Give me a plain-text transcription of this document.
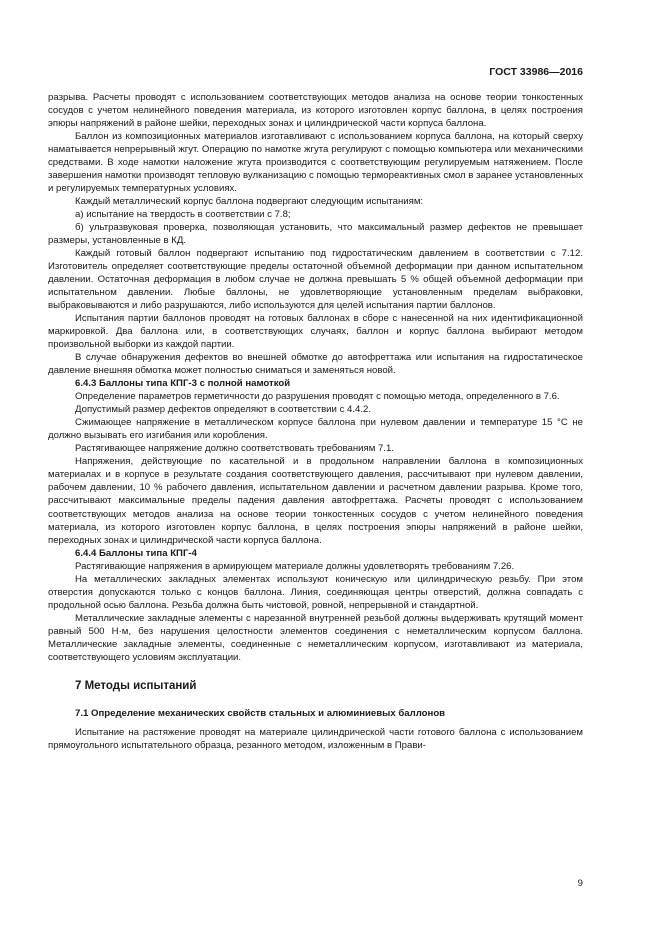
ГОСТ 33986—2016

разрыва. Расчеты проводят с использованием соответствующих методов анализа на основе теории тонкостенных сосудов с учетом нелинейного поведения материала, из которого изготовлен корпус баллона, в целях построения эпюры напряжений в районе шейки, переходных зонах и цилиндрической части корпуса баллона.

Баллон из композиционных материалов изготавливают с использованием корпуса баллона, на который сверху наматывается непрерывный жгут. Операцию по намотке жгута регулируют с помощью компьютера или механическими средствами. В ходе намотки наложение жгута производится с соответствующим регулируемым натяжением. После завершения намотки производят тепловую вулканизацию с помощью термореактивных смол в заранее установленных и регулируемых температурных условиях.

Каждый металлический корпус баллона подвергают следующим испытаниям:

а) испытание на твердость в соответствии с 7.8;

б) ультразвуковая проверка, позволяющая установить, что максимальный размер дефектов не превышает размеры, установленные в КД.

Каждый готовый баллон подвергают испытанию под гидростатическим давлением в соответствии с 7.12. Изготовитель определяет соответствующие пределы остаточной объемной деформации при данном испытательном давлении. Остаточная деформация в любом случае не должна превышать 5 % общей объемной деформации при испытательном давлении. Любые баллоны, не удовлетворяющие установленным пределам выбраковки, выбраковываются и либо разрушаются, либо используются для целей испытания партии баллонов.

Испытания партии баллонов проводят на готовых баллонах в сборе с нанесенной на них идентификационной маркировкой. Два баллона или, в соответствующих случаях, баллон и корпус баллона выбирают методом произвольной выборки из каждой партии.

В случае обнаружения дефектов во внешней обмотке до автофреттажа или испытания на гидростатическое давление внешняя обмотка может полностью сниматься и заменяться новой.

6.4.3 Баллоны типа КПГ-3 с полной намоткой

Определение параметров герметичности до разрушения проводят с помощью метода, определенного в 7.6.

Допустимый размер дефектов определяют в соответствии с 4.4.2.

Сжимающее напряжение в металлическом корпусе баллона при нулевом давлении и температуре 15 °С не должно вызывать его изгибания или коробления.

Растягивающее напряжение должно соответствовать требованиям 7.1.

Напряжения, действующие по касательной и в продольном направлении баллона в композиционных материалах и в корпусе в результате создания соответствующего давления, рассчитывают при нулевом давлении, рабочем давлении, 10 % рабочего давления, испытательном давлении и расчетном давлении разрыва. Кроме того, рассчитывают максимальные пределы падения давления автофреттажа. Расчеты проводят с использованием соответствующих методов анализа на основе теории тонкостенных сосудов с учетом нелинейного поведения материала, из которого изготовлен корпус баллона, в целях построения эпюры напряжений в районе шейки, переходных зонах и цилиндрической части корпуса баллона.

6.4.4 Баллоны типа КПГ-4

Растягивающие напряжения в армирующем материале должны удовлетворять требованиям 7.26.

На металлических закладных элементах используют коническую или цилиндрическую резьбу. При этом отверстия допускаются только с концов баллона. Линия, соединяющая центры отверстий, должна совпадать с продольной осью баллона. Резьба должна быть чистовой, ровной, непрерывной и стандартной.

Металлические закладные элементы с нарезанной внутренней резьбой должны выдерживать крутящий момент равный 500 Н·м, без нарушения целостности элементов соединения с неметаллическим корпусом баллона. Металлические закладные элементы, соединенные с неметаллическим корпусом, изготавливают из материала, соответствующего условиям эксплуатации.

7 Методы испытаний

7.1 Определение механических свойств стальных и алюминиевых баллонов

Испытание на растяжение проводят на материале цилиндрической части готового баллона с использованием прямоугольного испытательного образца, резанного методом, изложенным в Прави-

9
